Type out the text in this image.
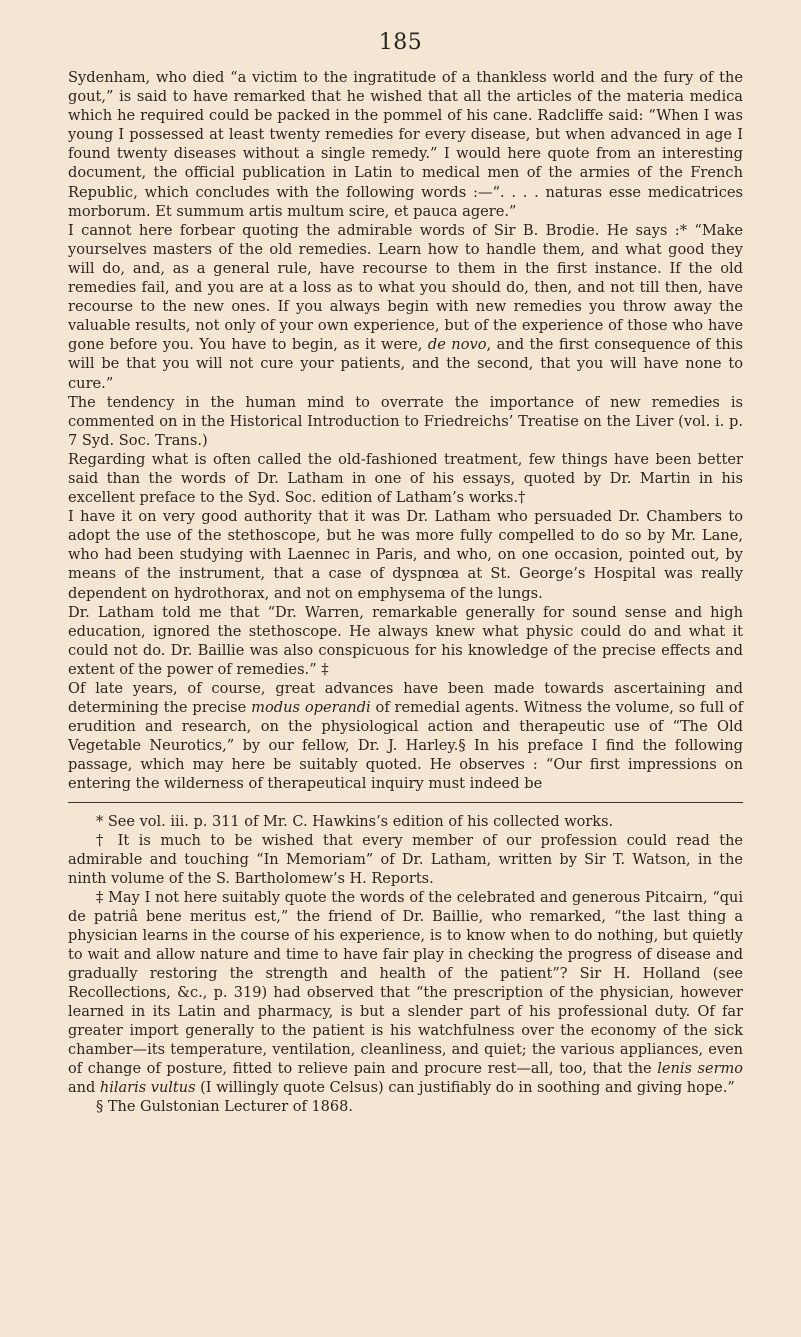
185

Sydenham, who died “a victim to the ingratitude of a thankless world and the fury of the gout,” is said to have remarked that he wished that all the articles of the materia medica which he required could be packed in the pommel of his cane. Radcliffe said: “When I was young I possessed at least twenty remedies for every disease, but when advanced in age I found twenty diseases without a single remedy.” I would here quote from an interesting document, the official publication in Latin to medical men of the armies of the French Republic, which concludes with the following words :—“. . . . naturas esse medicatrices morborum. Et summum artis multum scire, et pauca agere.”

I cannot here forbear quoting the admirable words of Sir B. Brodie. He says :* “Make yourselves masters of the old remedies. Learn how to handle them, and what good they will do, and, as a general rule, have recourse to them in the first instance. If the old remedies fail, and you are at a loss as to what you should do, then, and not till then, have recourse to the new ones. If you always begin with new remedies you throw away the valuable results, not only of your own experience, but of the experience of those who have gone before you. You have to begin, as it were, de novo, and the first consequence of this will be that you will not cure your patients, and the second, that you will have none to cure.”

The tendency in the human mind to overrate the importance of new remedies is commented on in the Historical Introduction to Friedreichs’ Treatise on the Liver (vol. i. p. 7 Syd. Soc. Trans.)

Regarding what is often called the old-fashioned treatment, few things have been better said than the words of Dr. Latham in one of his essays, quoted by Dr. Martin in his excellent preface to the Syd. Soc. edition of Latham’s works.†

I have it on very good authority that it was Dr. Latham who persuaded Dr. Chambers to adopt the use of the stethoscope, but he was more fully compelled to do so by Mr. Lane, who had been studying with Laennec in Paris, and who, on one occasion, pointed out, by means of the instrument, that a case of dyspnœa at St. George’s Hospital was really dependent on hydrothorax, and not on emphysema of the lungs.

Dr. Latham told me that “Dr. Warren, remarkable generally for sound sense and high education, ignored the stethoscope. He always knew what physic could do and what it could not do. Dr. Baillie was also conspicuous for his knowledge of the precise effects and extent of the power of remedies.” ‡

Of late years, of course, great advances have been made towards ascertaining and determining the precise modus operandi of remedial agents. Witness the volume, so full of erudition and research, on the physiological action and therapeutic use of “The Old Vegetable Neurotics,” by our fellow, Dr. J. Harley.§ In his preface I find the following passage, which may here be suitably quoted. He observes : “Our first impressions on entering the wilderness of therapeutical inquiry must indeed be

* See vol. iii. p. 311 of Mr. C. Hawkins’s edition of his collected works.

† It is much to be wished that every member of our profession could read the admirable and touching “In Memoriam” of Dr. Latham, written by Sir T. Watson, in the ninth volume of the S. Bartholomew’s H. Reports.

‡ May I not here suitably quote the words of the celebrated and generous Pitcairn, “qui de patriâ bene meritus est,” the friend of Dr. Baillie, who remarked, “the last thing a physician learns in the course of his experience, is to know when to do nothing, but quietly to wait and allow nature and time to have fair play in checking the progress of disease and gradually restoring the strength and health of the patient”? Sir H. Holland (see Recollections, &c., p. 319) had observed that “the prescription of the physician, however learned in its Latin and pharmacy, is but a slender part of his professional duty. Of far greater import generally to the patient is his watchfulness over the economy of the sick chamber—its temperature, ventilation, cleanliness, and quiet; the various appliances, even of change of posture, fitted to relieve pain and procure rest—all, too, that the lenis sermo and hilaris vultus (I willingly quote Celsus) can justifiably do in soothing and giving hope.”

§ The Gulstonian Lecturer of 1868.
